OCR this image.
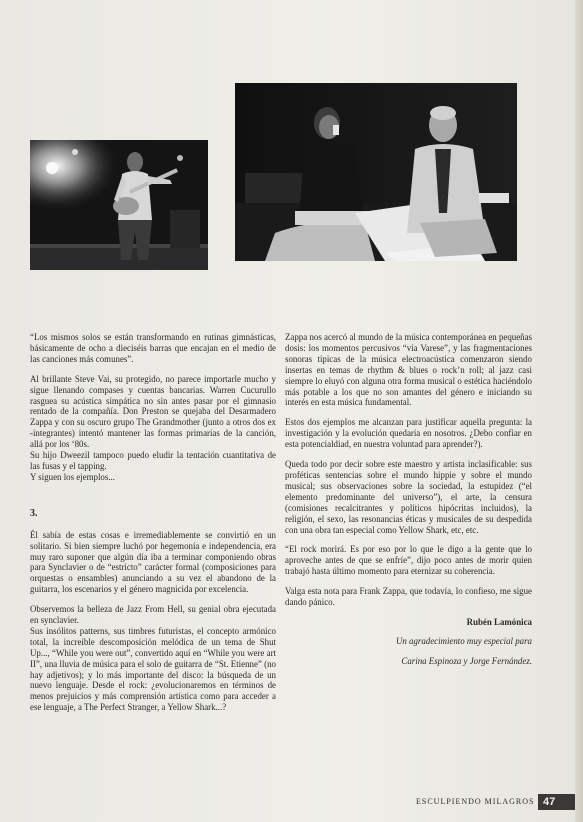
“Los mismos solos se están transformando en rutinas gimnásticas, básicamente de ocho a dieciséis barras que encajan en el medio de las canciones más comunes”.

Al brillante Steve Vai, su protegido, no parece importarle mucho y sigue llenando compases y cuentas bancarias. Warren Cucurullo rasguea su acústica simpática no sin antes pasar por el gimnasio rentado de la compañía. Don Preston se quejaba del Desarmadero Zappa y con su oscuro grupo The Grandmother (junto a otros dos ex -integrantes) intentó mantener las formas primarias de la canción, allá por los ‘80s.

Su hijo Dweezil tampoco puedo eludir la tentación cuantitativa de las fusas y el tapping.

Y siguen los ejemplos...

3.

Él sabía de estas cosas e irremediablemente se convirtió en un solitario. Si bien siempre luchó por hegemonía e independencia, era muy raro suponer que algún día iba a terminar componiendo obras para Synclavier o de “estricto” carácter formal (composiciones para orquestas o ensambles) anunciando a su vez el abandono de la guitarra, los escenarios y el género magnicida por excelencia.

Observemos la belleza de Jazz From Hell, su genial obra ejecutada en synclavier.

Sus insólitos patterns, sus timbres futuristas, el concepto armónico total, la increíble descomposición melódica de un tema de Shut Up..., “While you were out”, convertido aquí en “While you were art II”, una lluvia de música para el solo de guitarra de “St. Etienne” (no hay adjetivos); y lo más importante del disco: la búsqueda de un nuevo lenguaje. Desde el rock: ¿evolucionaremos en términos de menos prejuicios y más comprensión artística como para acceder a ese lenguaje, a The Perfect Stranger, a Yellow Shark...?

Zappa nos acercó al mundo de la música contemporánea en pequeñas dosis: los momentos percusivos “vía Varese”, y las fragmentaciones sonoras típicas de la música electroacústica comenzaron siendo insertas en temas de rhythm & blues o rock’n roll; al jazz casi siempre lo eluyó con alguna otra forma musical o estética haciéndolo más potable a los que no son amantes del género e iniciando su interés en esta música fundamental.

Estos dos ejemplos me alcanzan para justificar aquella pregunta: la investigación y la evolución quedaría en nosotros. ¿Debo confiar en esta potencialdiad, en nuestra voluntad para aprender?).

Queda todo por decir sobre este maestro y artista inclasificable: sus proféticas sentencias sobre el mundo hippie y sobre el mundo musical; sus observaciones sobre la sociedad, la estupidez (“el elemento predominante del universo”), el arte, la censura (comisiones recalcitrantes y políticos hipócritas incluidos), la religión, el sexo, las resonancias éticas y musicales de su despedida con una obra tan especial como Yellow Shark, etc, etc.

“El rock morirá. Es por eso por lo que le digo a la gente que lo aproveche antes de que se enfríe”, dijo poco antes de morir quien trabajó hasta último momento para eternizar su coherencia.

Valga esta nota para Frank Zappa, que todavía, lo confieso, me sigue dando pánico.

Rubén Lamónica

Un agradecimiento muy especial para

Carina Espinoza y Jorge Fernández.

ESCULPIENDO MILAGROS 47
